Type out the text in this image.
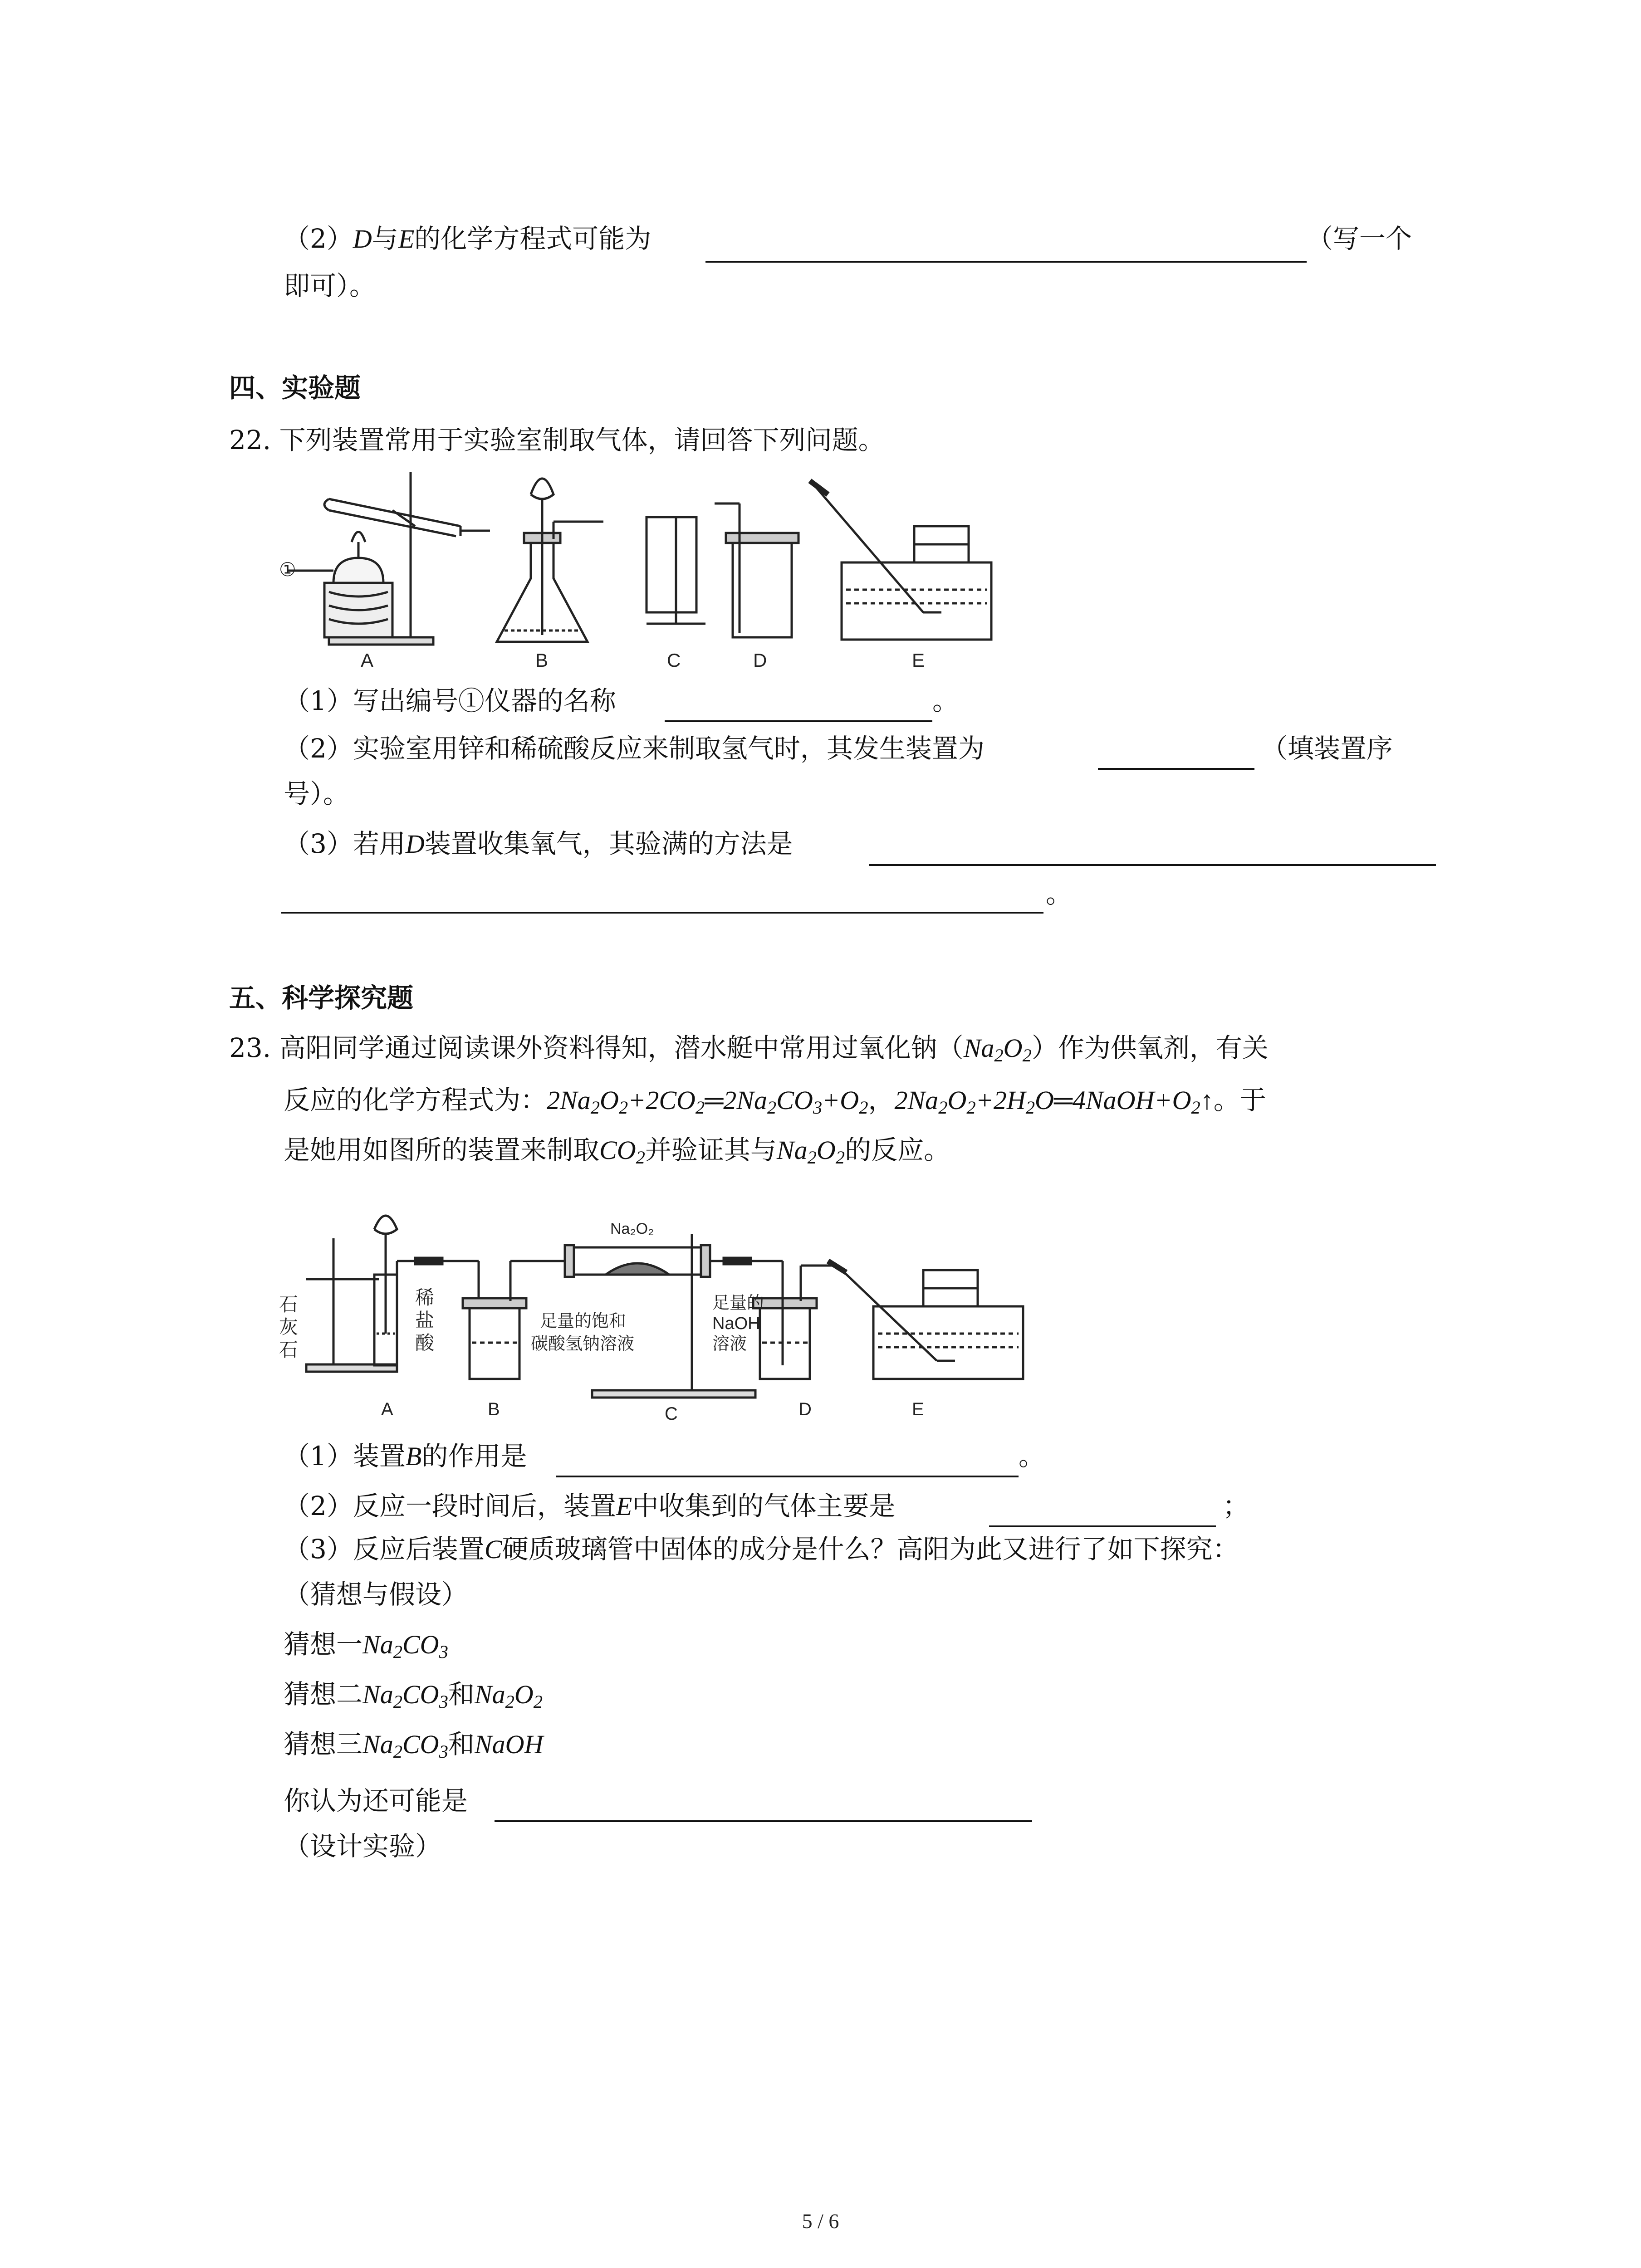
（2）D与E的化学方程式可能为	（写一个
即可）。
四、实验题
22. 下列装置常用于实验室制取气体，请回答下列问题。
①
A	B	C	D	E
（1）写出编号①仪器的名称	。
（2）实验室用锌和稀硫酸反应来制取氢气时，其发生装置为	（填装置序
号）。
（3）若用D装置收集氧气，其验满的方法是
。
五、科学探究题
23. 高阳同学通过阅读课外资料得知，潜水艇中常用过氧化钠$(Na_2O_2)$作为供氧剂，有关
反应的化学方程式为：$2Na_2O_2+2CO_2═2Na_2CO_3+O_2$，$2Na_2O_2+2H_2O═4NaOH+O_2↑$。于
是她用如图所的装置来制取$CO_2$并验证其与$Na_2O_2$的反应。
石
灰
石
稀
盐
酸
Na₂O₂
足量的饱和
碳酸氢钠溶液
足量的
NaOH
溶液
A	B	C	D	E
（1）装置B的作用是	。
（2）反应一段时间后，装置E中收集到的气体主要是	；
（3）反应后装置C硬质玻璃管中固体的成分是什么？高阳为此又进行了如下探究：
（猜想与假设）
猜想一$Na_2CO_3$
猜想二$Na_2CO_3$和$Na_2O_2$
猜想三$Na_2CO_3$和NaOH
你认为还可能是
（设计实验）
5 / 6
